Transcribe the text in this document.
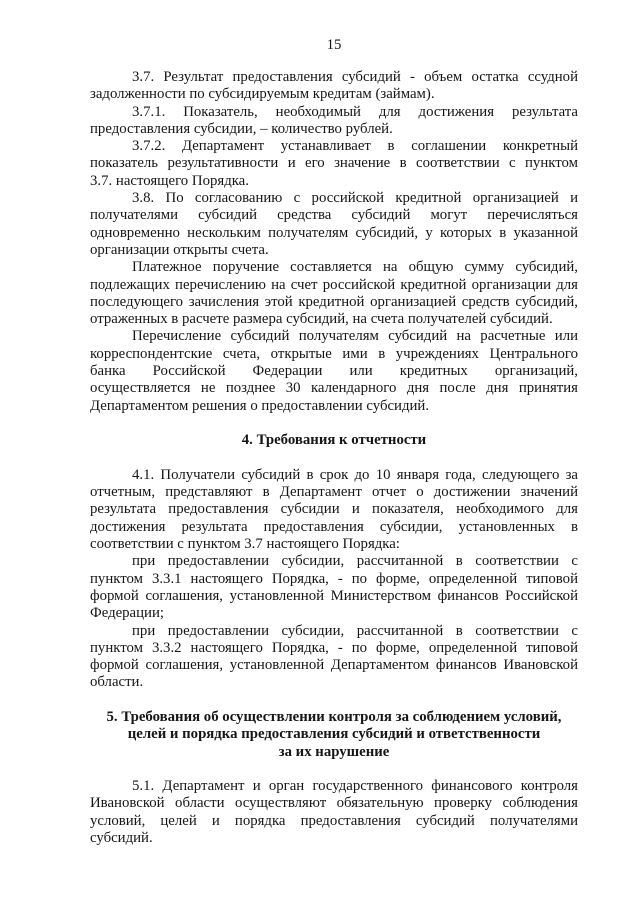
15
3.7. Результат предоставления субсидий - объем остатка ссудной
задолженности по субсидируемым кредитам (займам).
3.7.1. Показатель, необходимый для достижения результата
предоставления субсидии, – количество рублей.
3.7.2. Департамент устанавливает в соглашении конкретный
показатель результативности и его значение в соответствии с пунктом
3.7. настоящего Порядка.
3.8. По согласованию с российской кредитной организацией и
получателями субсидий средства субсидий могут перечисляться
одновременно нескольким получателям субсидий, у которых в указанной
организации открыты счета.
Платежное поручение составляется на общую сумму субсидий,
подлежащих перечислению на счет российской кредитной организации для
последующего зачисления этой кредитной организацией средств субсидий,
отраженных в расчете размера субсидий, на счета получателей субсидий.
Перечисление субсидий получателям субсидий на расчетные или
корреспондентские счета, открытые ими в учреждениях Центрального
банка Российской Федерации или кредитных организаций,
осуществляется не позднее 30 календарного дня после дня принятия
Департаментом решения о предоставлении субсидий.
4. Требования к отчетности
4.1. Получатели субсидий в срок до 10 января года, следующего за
отчетным, представляют в Департамент отчет о достижении значений
результата предоставления субсидии и показателя, необходимого для
достижения результата предоставления субсидии, установленных в
соответствии с пунктом 3.7 настоящего Порядка:
при предоставлении субсидии, рассчитанной в соответствии с
пунктом 3.3.1 настоящего Порядка, - по форме, определенной типовой
формой соглашения, установленной Министерством финансов Российской
Федерации;
при предоставлении субсидии, рассчитанной в соответствии с
пунктом 3.3.2 настоящего Порядка, - по форме, определенной типовой
формой соглашения, установленной Департаментом финансов Ивановской
области.
5. Требования об осуществлении контроля за соблюдением условий,
целей и порядка предоставления субсидий и ответственности
за их нарушение
5.1. Департамент и орган государственного финансового контроля
Ивановской области осуществляют обязательную проверку соблюдения
условий, целей и порядка предоставления субсидий получателями
субсидий.
